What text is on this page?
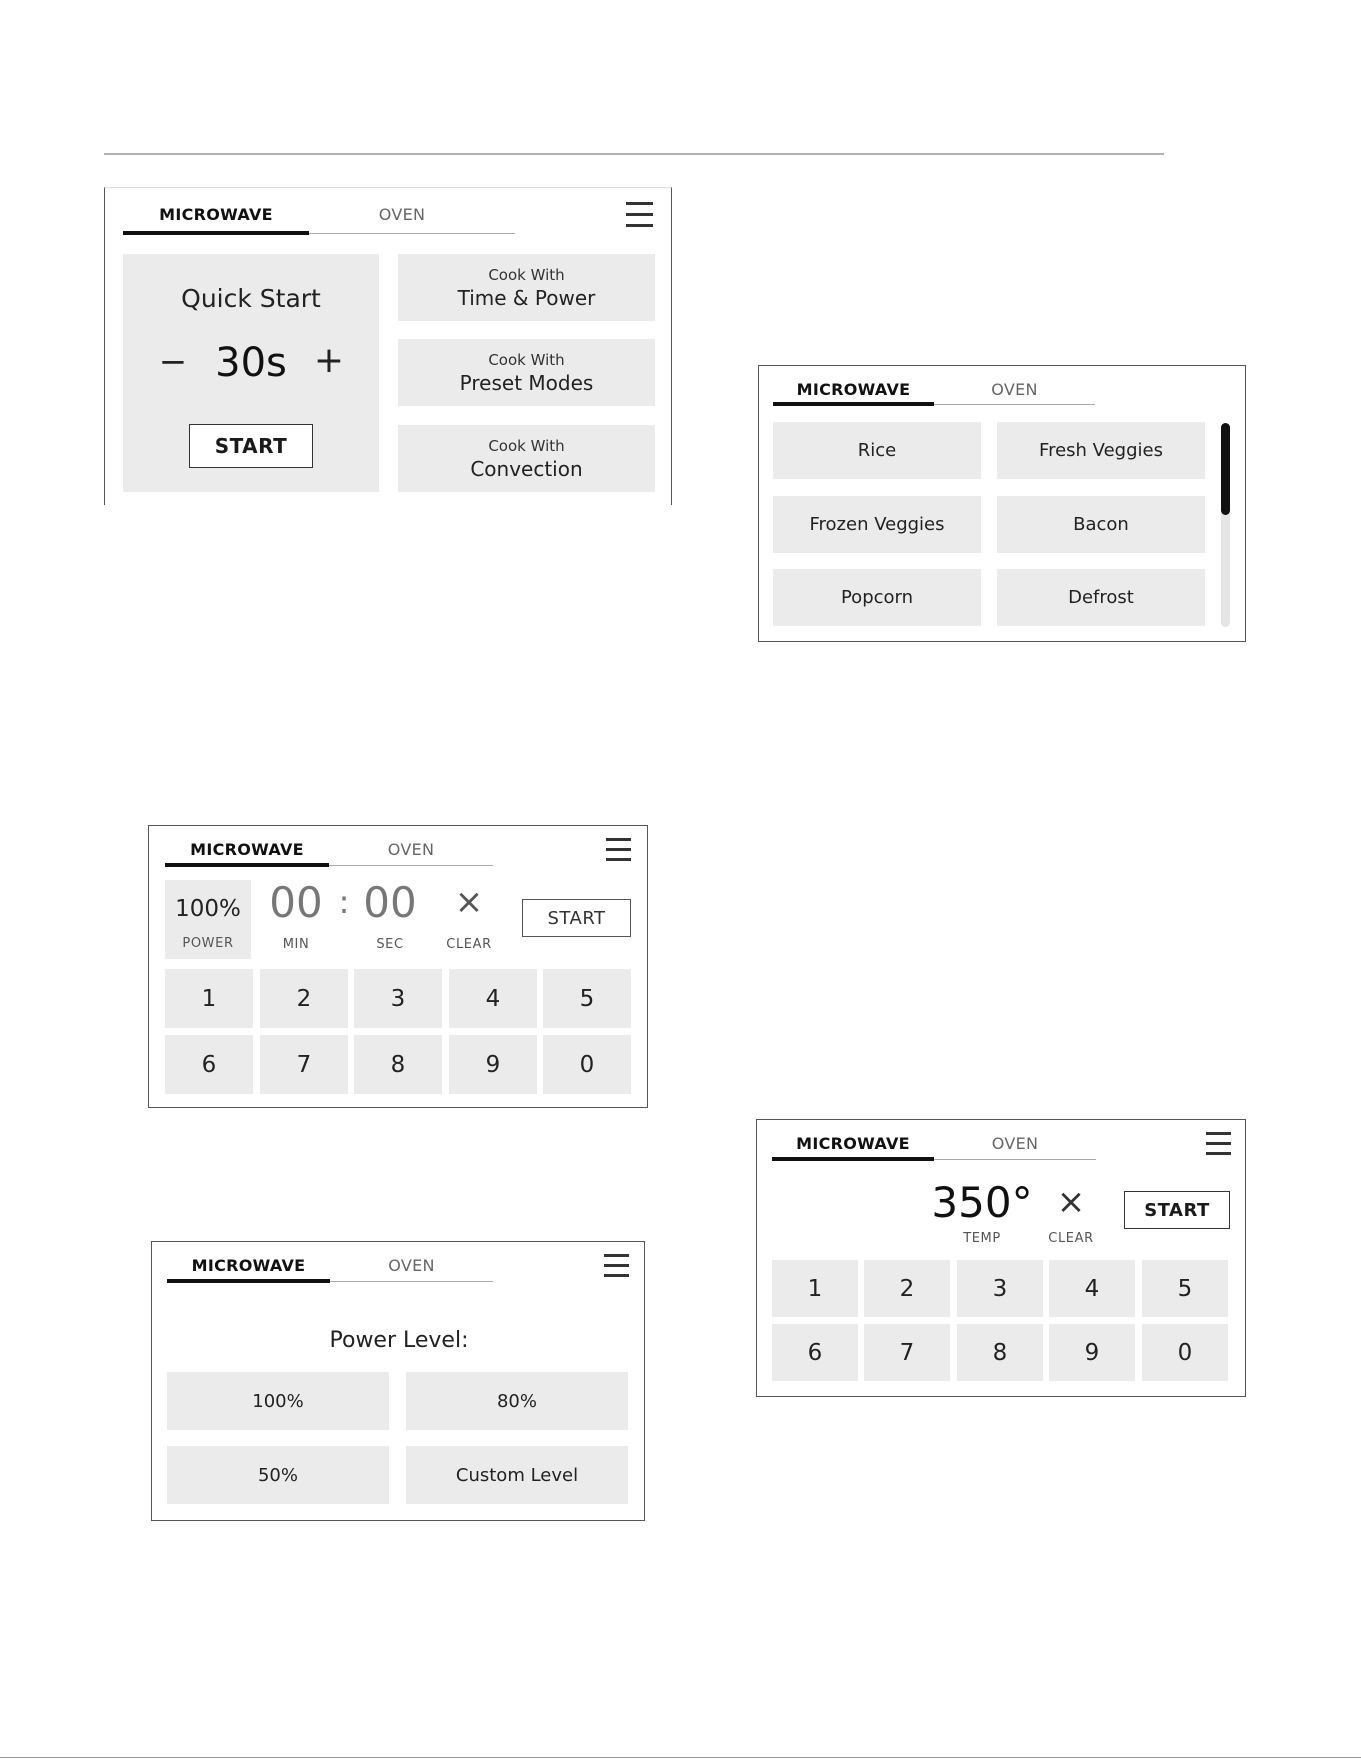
MICROWAVE	OVEN
Quick Start
− 30s +
START
Cook With
Time & Power
Cook With
Preset Modes
Cook With
Convection
MICROWAVE	OVEN
Rice	Fresh Veggies
Frozen Veggies	Bacon
Popcorn	Defrost
MICROWAVE	OVEN
100%
POWER
00 : 00
MIN	SEC
×
CLEAR
START
1	2	3	4	5
6	7	8	9	0
MICROWAVE	OVEN
Power Level:
100%	80%
50%	Custom Level
MICROWAVE	OVEN
350°
TEMP
×
CLEAR
START
1	2	3	4	5
6	7	8	9	0
